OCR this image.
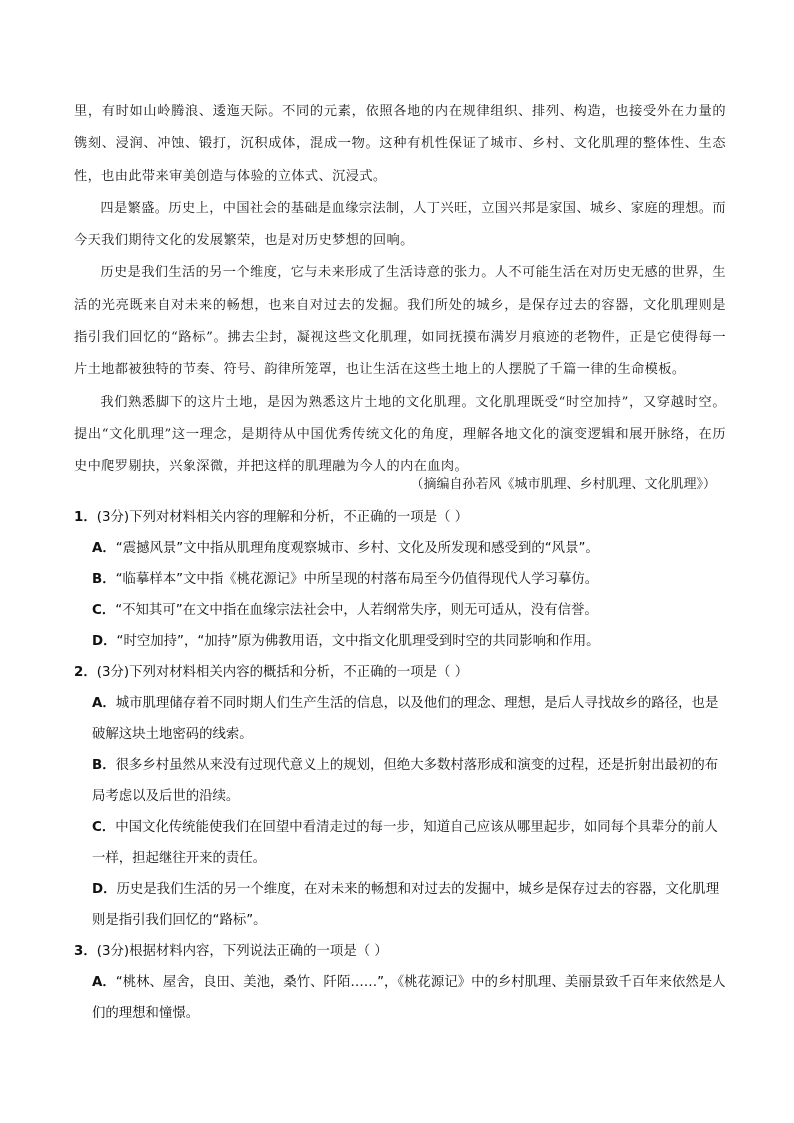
里，有时如山岭腾浪、逶迤天际。不同的元素，依照各地的内在规律组织、排列、构造，也接受外在力量的镌刻、浸润、冲蚀、锻打，沉积成体，混成一物。这种有机性保证了城市、乡村、文化肌理的整体性、生态性，也由此带来审美创造与体验的立体式、沉浸式。

四是繁盛。历史上，中国社会的基础是血缘宗法制，人丁兴旺，立国兴邦是家国、城乡、家庭的理想。而今天我们期待文化的发展繁荣，也是对历史梦想的回响。

历史是我们生活的另一个维度，它与未来形成了生活诗意的张力。人不可能生活在对历史无感的世界，生活的光亮既来自对未来的畅想，也来自对过去的发掘。我们所处的城乡，是保存过去的容器，文化肌理则是指引我们回忆的“路标”。拂去尘封，凝视这些文化肌理，如同抚摸布满岁月痕迹的老物件，正是它使得每一片土地都被独特的节奏、符号、韵律所笼罩，也让生活在这些土地上的人摆脱了千篇一律的生命模板。

我们熟悉脚下的这片土地，是因为熟悉这片土地的文化肌理。文化肌理既受“时空加持”，又穿越时空。提出“文化肌理”这一理念，是期待从中国优秀传统文化的角度，理解各地文化的演变逻辑和展开脉络，在历史中爬罗剔抉，兴象深微，并把这样的肌理融为今人的内在血肉。

（摘编自孙若风《城市肌理、乡村肌理、文化肌理》）
1．(3分)下列对材料相关内容的理解和分析，不正确的一项是（ ）
A．“震撼风景”文中指从肌理角度观察城市、乡村、文化及所发现和感受到的“风景”。
B．“临摹样本”文中指《桃花源记》中所呈现的村落布局至今仍值得现代人学习摹仿。
C．“不知其可”在文中指在血缘宗法社会中，人若纲常失序，则无可适从，没有信誉。
D．“时空加持”，“加持”原为佛教用语，文中指文化肌理受到时空的共同影响和作用。
2．(3分)下列对材料相关内容的概括和分析，不正确的一项是（ ）
A．城市肌理储存着不同时期人们生产生活的信息，以及他们的理念、理想，是后人寻找故乡的路径，也是破解这块土地密码的线索。
B．很多乡村虽然从来没有过现代意义上的规划，但绝大多数村落形成和演变的过程，还是折射出最初的布局考虑以及后世的沿续。
C．中国文化传统能使我们在回望中看清走过的每一步，知道自己应该从哪里起步，如同每个具辈分的前人一样，担起继往开来的责任。
D．历史是我们生活的另一个维度，在对未来的畅想和对过去的发掘中，城乡是保存过去的容器，文化肌理则是指引我们回忆的“路标”。
3．(3分)根据材料内容，下列说法正确的一项是（ ）
A．“桃林、屋舍，良田、美池，桑竹、阡陌……”，《桃花源记》中的乡村肌理、美丽景致千百年来依然是人们的理想和憧憬。
